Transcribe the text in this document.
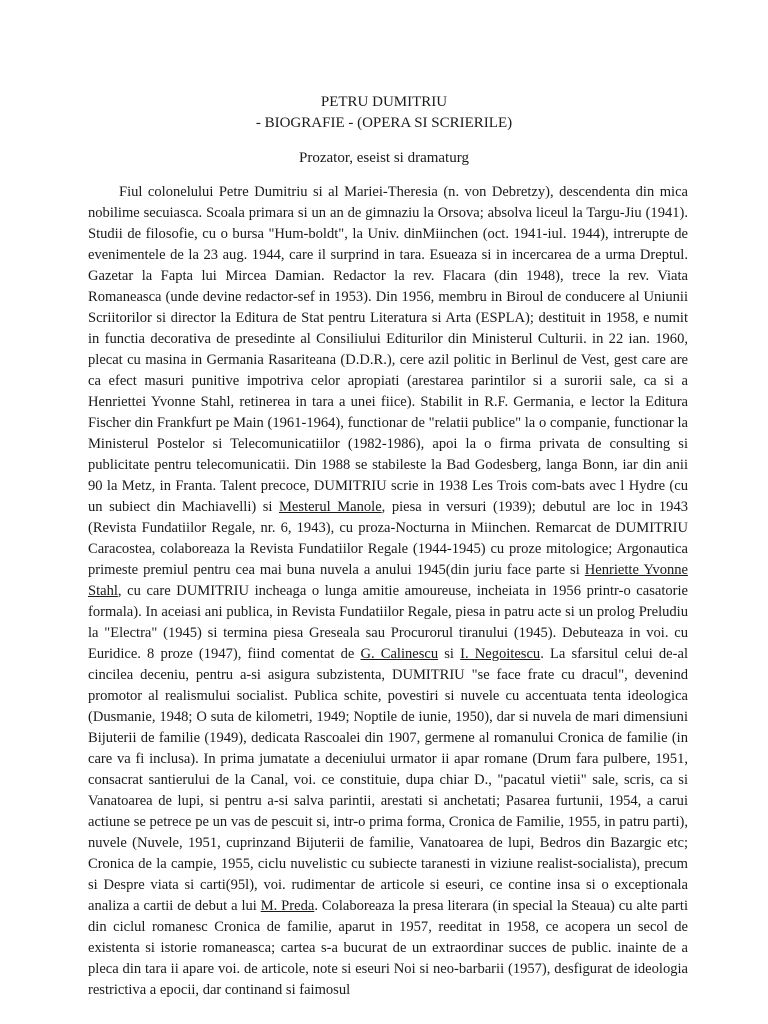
PETRU DUMITRIU
- BIOGRAFIE - (OPERA SI SCRIERILE)
Prozator, eseist si dramaturg
Fiul colonelului Petre Dumitriu si al Mariei-Theresia (n. von Debretzy), descendenta din mica nobilime secuiasca. Scoala primara si un an de gimnaziu la Orsova; absolva liceul la Targu-Jiu (1941). Studii de filosofie, cu o bursa "Hum-boldt", la Univ. dinMiinchen (oct. 1941-iul. 1944), intrerupte de evenimentele de la 23 aug. 1944, care il surprind in tara. Esueaza si in incercarea de a urma Dreptul. Gazetar la Fapta lui Mircea Damian. Redactor la rev. Flacara (din 1948), trece la rev. Viata Romaneasca (unde devine redactor-sef in 1953). Din 1956, membru in Biroul de conducere al Uniunii Scriitorilor si director la Editura de Stat pentru Literatura si Arta (ESPLA); destituit in 1958, e numit in functia decorativa de presedinte al Consiliului Editurilor din Ministerul Culturii. in 22 ian. 1960, plecat cu masina in Germania Rasariteana (D.D.R.), cere azil politic in Berlinul de Vest, gest care are ca efect masuri punitive impotriva celor apropiati (arestarea parintilor si a surorii sale, ca si a Henriettei Yvonne Stahl, retinerea in tara a unei fiice). Stabilit in R.F. Germania, e lector la Editura Fischer din Frankfurt pe Main (1961-1964), functionar de "relatii publice" la o companie, functionar la Ministerul Postelor si Telecomunicatiilor (1982-1986), apoi la o firma privata de consulting si publicitate pentru telecomunicatii. Din 1988 se stabileste la Bad Godesberg, langa Bonn, iar din anii 90 la Metz, in Franta. Talent precoce, DUMITRIU scrie in 1938 Les Trois com-bats avec l Hydre (cu un subiect din Machiavelli) si Mesterul Manole, piesa in versuri (1939); debutul are loc in 1943 (Revista Fundatiilor Regale, nr. 6, 1943), cu proza-Nocturna in Miinchen. Remarcat de DUMITRIU Caracostea, colaboreaza la Revista Fundatiilor Regale (1944-1945) cu proze mitologice; Argonautica primeste premiul pentru cea mai buna nuvela a anului 1945(din juriu face parte si Henriette Yvonne Stahl, cu care DUMITRIU incheaga o lunga amitie amoureuse, incheiata in 1956 printr-o casatorie formala). In aceiasi ani publica, in Revista Fundatiilor Regale, piesa in patru acte si un prolog Preludiu la "Electra" (1945) si termina piesa Greseala sau Procurorul tiranului (1945). Debuteaza in voi. cu Euridice. 8 proze (1947), fiind comentat de G. Calinescu si I. Negoitescu. La sfarsitul celui de-al cincilea deceniu, pentru a-si asigura subzistenta, DUMITRIU "se face frate cu dracul", devenind promotor al realismului socialist. Publica schite, povestiri si nuvele cu accentuata tenta ideologica (Dusmanie, 1948; O suta de kilometri, 1949; Noptile de iunie, 1950), dar si nuvela de mari dimensiuni Bijuterii de familie (1949), dedicata Rascoalei din 1907, germene al romanului Cronica de familie (in care va fi inclusa). In prima jumatate a deceniului urmator ii apar romane (Drum fara pulbere, 1951, consacrat santierului de la Canal, voi. ce constituie, dupa chiar D., "pacatul vietii" sale, scris, ca si Vanatoarea de lupi, si pentru a-si salva parintii, arestati si anchetati; Pasarea furtunii, 1954, a carui actiune se petrece pe un vas de pescuit si, intr-o prima forma, Cronica de Familie, 1955, in patru parti), nuvele (Nuvele, 1951, cuprinzand Bijuterii de familie, Vanatoarea de lupi, Bedros din Bazargic etc; Cronica de la campie, 1955, ciclu nuvelistic cu subiecte taranesti in viziune realist-socialista), precum si Despre viata si carti(95l), voi. rudimentar de articole si eseuri, ce contine insa si o exceptionala analiza a cartii de debut a lui M. Preda. Colaboreaza la presa literara (in special la Steaua) cu alte parti din ciclul romanesc Cronica de familie, aparut in 1957, reeditat in 1958, ce acopera un secol de existenta si istorie romaneasca; cartea s-a bucurat de un extraordinar succes de public. inainte de a pleca din tara ii apare voi. de articole, note si eseuri Noi si neo-barbarii (1957), desfigurat de ideologia restrictiva a epocii, dar continand si faimosul
